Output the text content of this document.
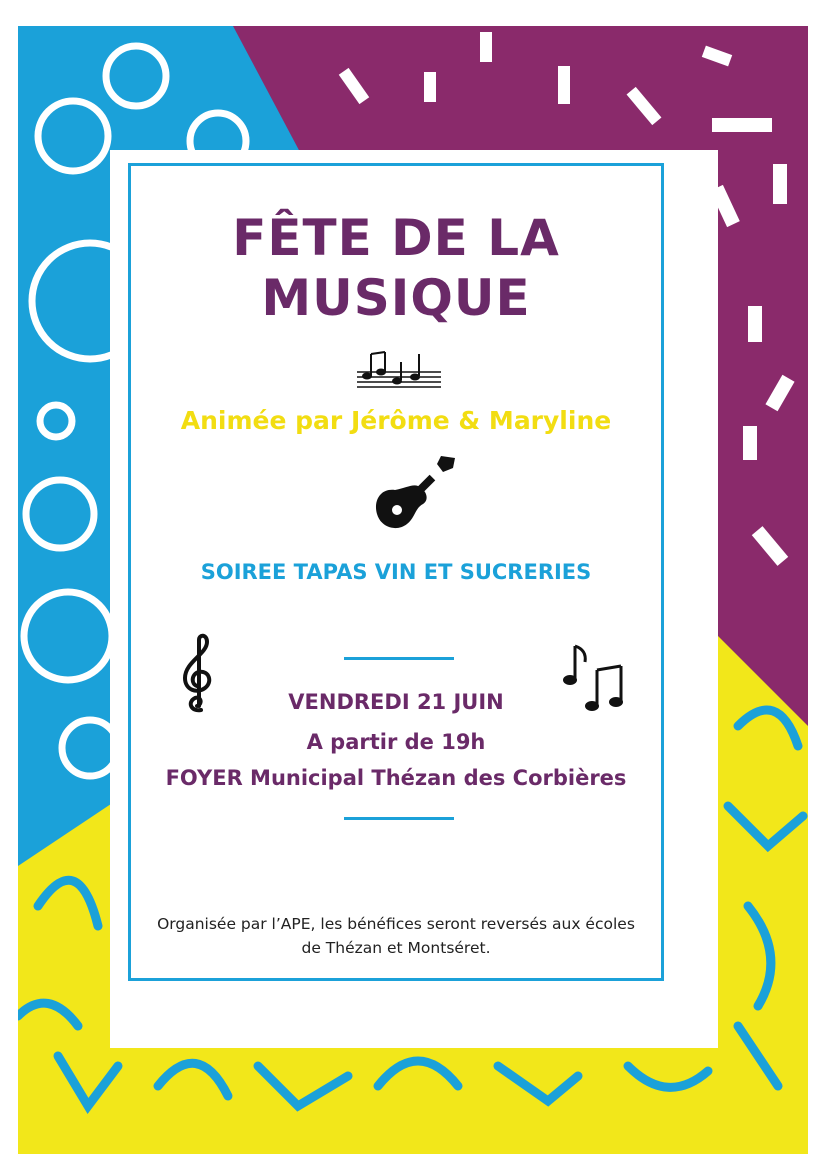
FÊTE DE LA

MUSIQUE

Animée par Jérôme & Maryline

SOIREE TAPAS VIN ET SUCRERIES

VENDREDI 21 JUIN

A partir de 19h

FOYER Municipal Thézan des Corbières

Organisée par l’APE, les bénéfices seront reversés aux écoles
de Thézan et Montséret.
